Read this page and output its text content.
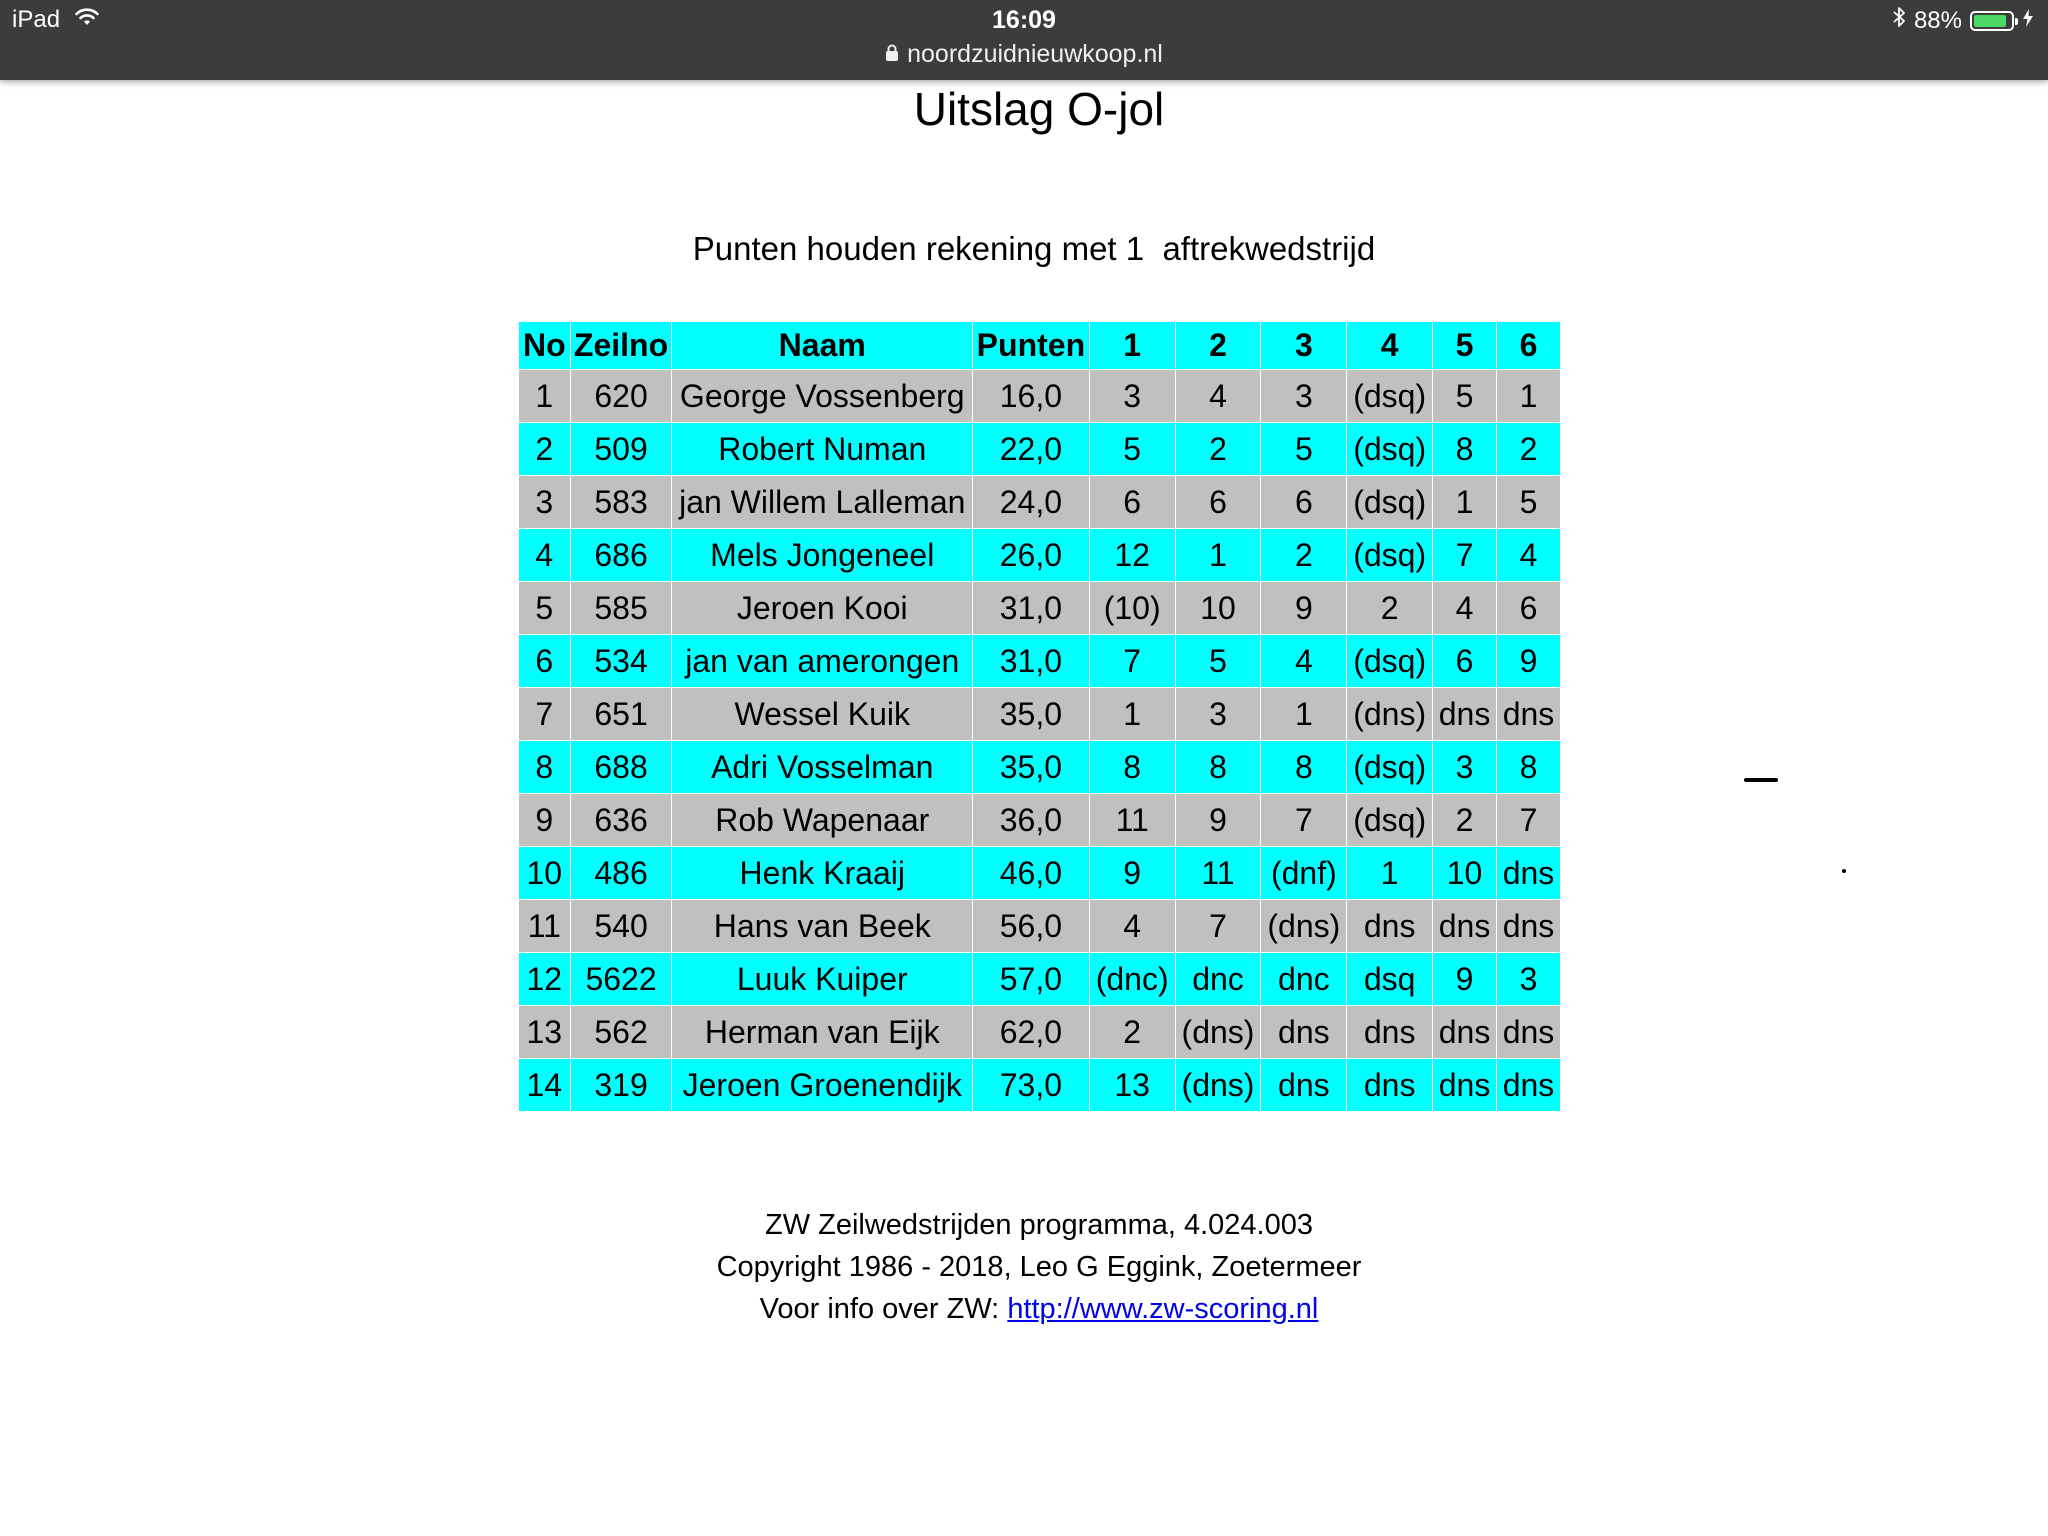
iPad	16:09
noordzuidnieuwkoop.nl
88%
Uitslag O-jol
Punten houden rekening met 1  aftrekwedstrijd
No	Zeilno	Naam	Punten	1	2	3	4	5	6
1	620	George Vossenberg	16,0	3	4	3	(dsq)	5	1
2	509	Robert Numan	22,0	5	2	5	(dsq)	8	2
3	583	jan Willem Lalleman	24,0	6	6	6	(dsq)	1	5
4	686	Mels Jongeneel	26,0	12	1	2	(dsq)	7	4
5	585	Jeroen Kooi	31,0	(10)	10	9	2	4	6
6	534	jan van amerongen	31,0	7	5	4	(dsq)	6	9
7	651	Wessel Kuik	35,0	1	3	1	(dns)	dns	dns
8	688	Adri Vosselman	35,0	8	8	8	(dsq)	3	8
9	636	Rob Wapenaar	36,0	11	9	7	(dsq)	2	7
10	486	Henk Kraaij	46,0	9	11	(dnf)	1	10	dns
11	540	Hans van Beek	56,0	4	7	(dns)	dns	dns	dns
12	5622	Luuk Kuiper	57,0	(dnc)	dnc	dnc	dsq	9	3
13	562	Herman van Eijk	62,0	2	(dns)	dns	dns	dns	dns
14	319	Jeroen Groenendijk	73,0	13	(dns)	dns	dns	dns	dns
ZW Zeilwedstrijden programma, 4.024.003
Copyright 1986 - 2018, Leo G Eggink, Zoetermeer
Voor info over ZW: http://www.zw-scoring.nl
